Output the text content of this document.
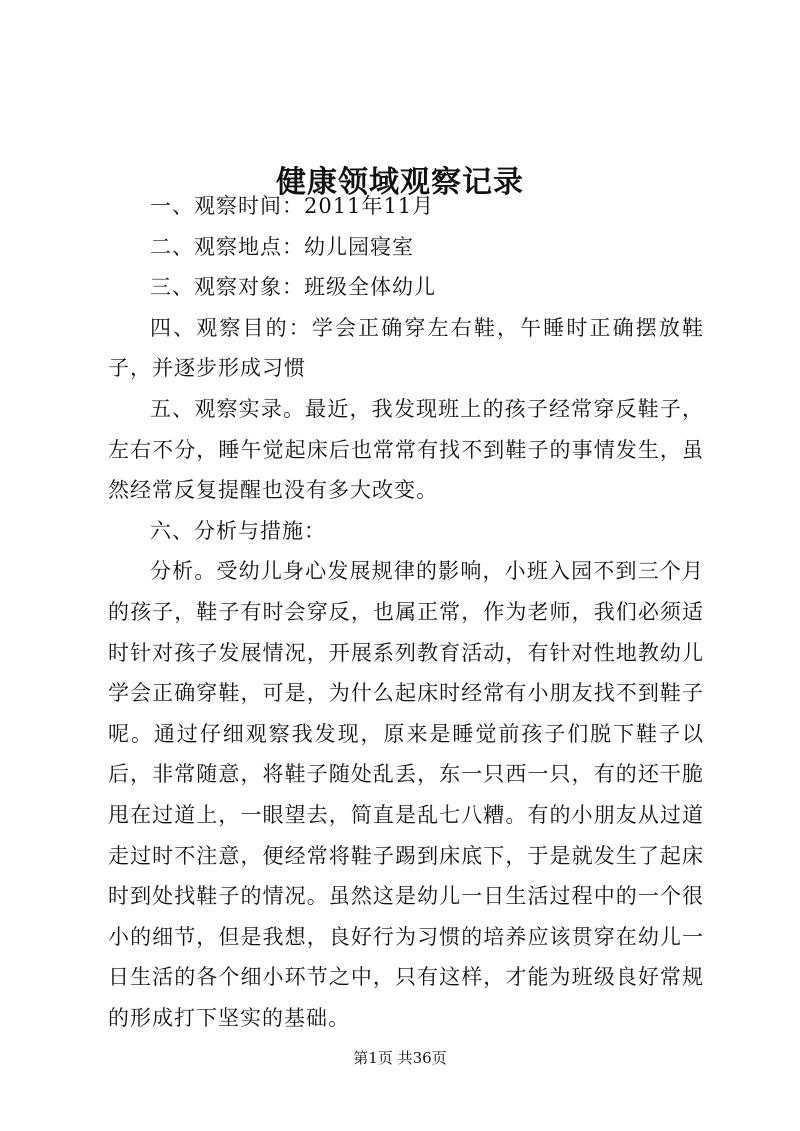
健康领域观察记录

一、观察时间：2011年11月

二、观察地点：幼儿园寝室

三、观察对象：班级全体幼儿

四、观察目的：学会正确穿左右鞋，午睡时正确摆放鞋子，并逐步形成习惯

五、观察实录。最近，我发现班上的孩子经常穿反鞋子，左右不分，睡午觉起床后也常常有找不到鞋子的事情发生，虽然经常反复提醒也没有多大改变。

六、分析与措施：

分析。受幼儿身心发展规律的影响，小班入园不到三个月的孩子，鞋子有时会穿反，也属正常，作为老师，我们必须适时针对孩子发展情况，开展系列教育活动，有针对性地教幼儿学会正确穿鞋，可是，为什么起床时经常有小朋友找不到鞋子呢。通过仔细观察我发现，原来是睡觉前孩子们脱下鞋子以后，非常随意，将鞋子随处乱丢，东一只西一只，有的还干脆甩在过道上，一眼望去，简直是乱七八糟。有的小朋友从过道走过时不注意，便经常将鞋子踢到床底下，于是就发生了起床时到处找鞋子的情况。虽然这是幼儿一日生活过程中的一个很小的细节，但是我想，良好行为习惯的培养应该贯穿在幼儿一日生活的各个细小环节之中，只有这样，才能为班级良好常规的形成打下坚实的基础。

第1页 共36页
